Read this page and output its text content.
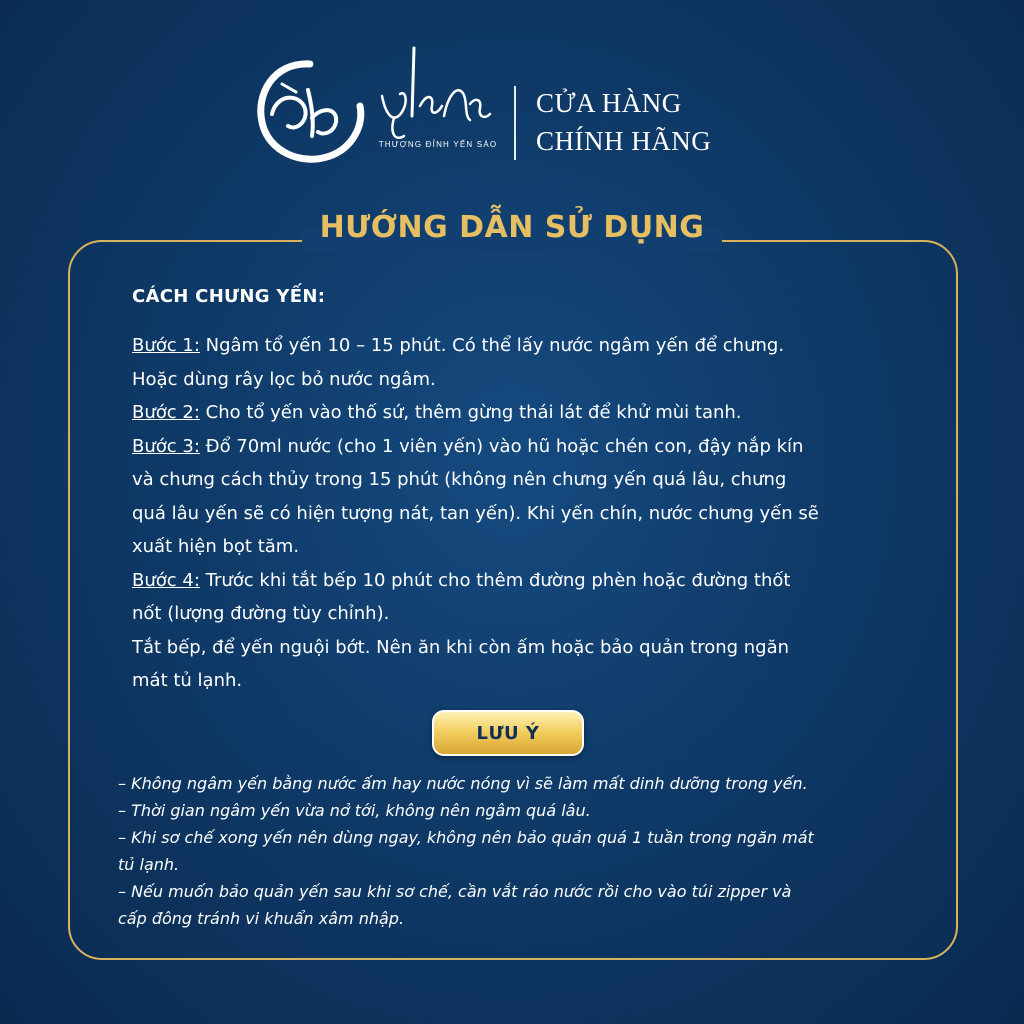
THƯỢNG ĐỈNH YẾN SÀO
CỬA HÀNG
CHÍNH HÃNG
HƯỚNG DẪN SỬ DỤNG
CÁCH CHƯNG YẾN:

Bước 1: Ngâm tổ yến 10 – 15 phút. Có thể lấy nước ngâm yến để chưng.
Hoặc dùng rây lọc bỏ nước ngâm.

Bước 2: Cho tổ yến vào thố sứ, thêm gừng thái lát để khử mùi tanh.

Bước 3: Đổ 70ml nước (cho 1 viên yến) vào hũ hoặc chén con, đậy nắp kín
và chưng cách thủy trong 15 phút (không nên chưng yến quá lâu, chưng
quá lâu yến sẽ có hiện tượng nát, tan yến). Khi yến chín, nước chưng yến sẽ
xuất hiện bọt tăm.

Bước 4: Trước khi tắt bếp 10 phút cho thêm đường phèn hoặc đường thốt
nốt (lượng đường tùy chỉnh).

Tắt bếp, để yến nguội bớt. Nên ăn khi còn ấm hoặc bảo quản trong ngăn
mát tủ lạnh.

LƯU Ý

– Không ngâm yến bằng nước ấm hay nước nóng vì sẽ làm mất dinh dưỡng trong yến.

– Thời gian ngâm yến vừa nở tới, không nên ngâm quá lâu.

– Khi sơ chế xong yến nên dùng ngay, không nên bảo quản quá 1 tuần trong ngăn mát
tủ lạnh.

– Nếu muốn bảo quản yến sau khi sơ chế, cần vắt ráo nước rồi cho vào túi zipper và
cấp đông tránh vi khuẩn xâm nhập.
